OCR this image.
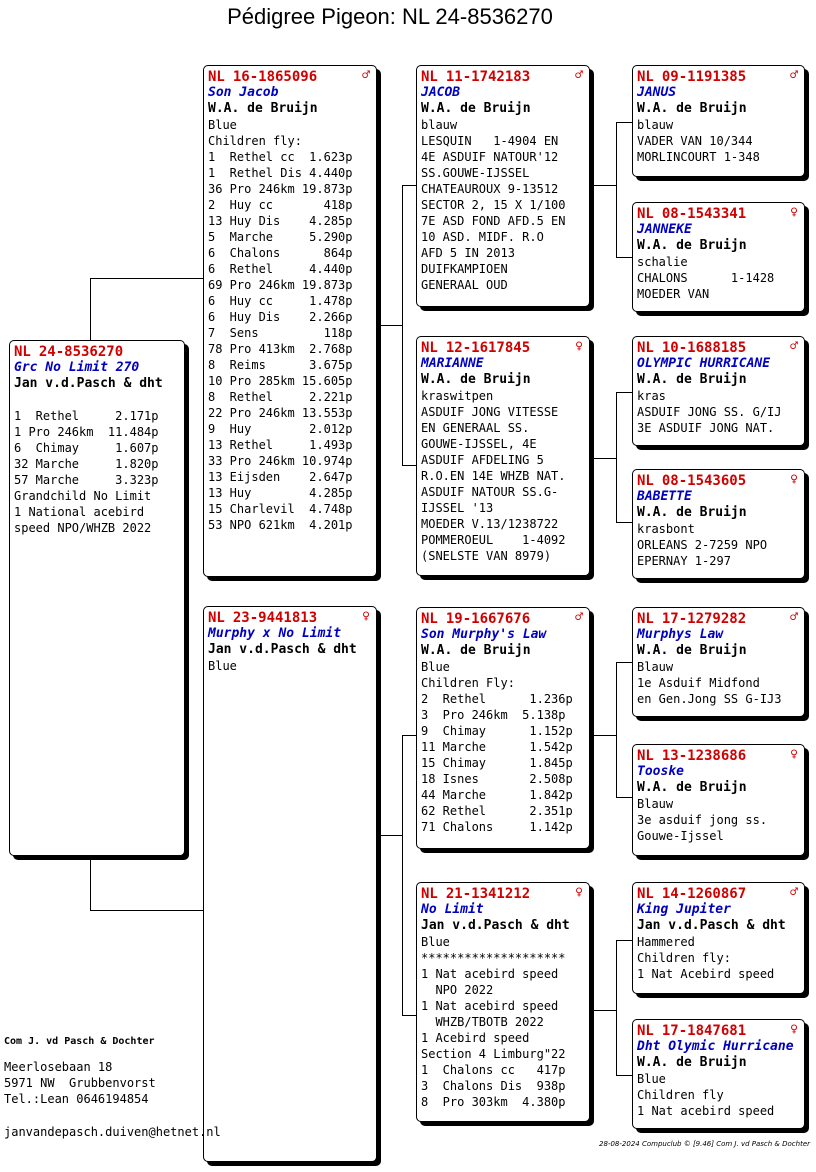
Pédigree Pigeon: NL 24-8536270
NL 24-8536270
Grc No Limit 270
Jan v.d.Pasch & dht

1  Rethel     2.171p
1 Pro 246km  11.484p
6  Chimay     1.607p
32 Marche     1.820p
57 Marche     3.323p
Grandchild No Limit
1 National acebird
speed NPO/WHZB 2022
NL 16-1865096	♂
Son Jacob
W.A. de Bruijn
Blue
Children fly:
1  Rethel cc  1.623p
1  Rethel Dis 4.440p
36 Pro 246km 19.873p
2  Huy cc       418p
13 Huy Dis    4.285p
5  Marche     5.290p
6  Chalons      864p
6  Rethel     4.440p
69 Pro 246km 19.873p
6  Huy cc     1.478p
6  Huy Dis    2.266p
7  Sens         118p
78 Pro 413km  2.768p
8  Reims      3.675p
10 Pro 285km 15.605p
8  Rethel     2.221p
22 Pro 246km 13.553p
9  Huy        2.012p
13 Rethel     1.493p
33 Pro 246km 10.974p
13 Eijsden    2.647p
13 Huy        4.285p
15 Charlevil  4.748p
53 NPO 621km  4.201p
NL 23-9441813	♀
Murphy x No Limit
Jan v.d.Pasch & dht
Blue
NL 11-1742183	♂
JACOB
W.A. de Bruijn
blauw
LESQUIN   1-4904 EN
4E ASDUIF NATOUR'12
SS.GOUWE-IJSSEL
CHATEAUROUX 9-13512
SECTOR 2, 15 X 1/100
7E ASD FOND AFD.5 EN
10 ASD. MIDF. R.O
AFD 5 IN 2013
DUIFKAMPIOEN
GENERAAL OUD
NL 12-1617845	♀
MARIANNE
W.A. de Bruijn
kraswitpen
ASDUIF JONG VITESSE
EN GENERAAL SS.
GOUWE-IJSSEL, 4E
ASDUIF AFDELING 5
R.O.EN 14E WHZB NAT.
ASDUIF NATOUR SS.G-
IJSSEL '13
MOEDER V.13/1238722
POMMEROEUL    1-4092
(SNELSTE VAN 8979)
NL 19-1667676	♂
Son Murphy's Law
W.A. de Bruijn
Blue
Children Fly:
2  Rethel      1.236p
3  Pro 246km  5.138p
9  Chimay      1.152p
11 Marche      1.542p
15 Chimay      1.845p
18 Isnes       2.508p
44 Marche      1.842p
62 Rethel      2.351p
71 Chalons     1.142p
NL 21-1341212	♀
No Limit
Jan v.d.Pasch & dht
Blue
********************
1 Nat acebird speed
NPO 2022
1 Nat acebird speed
WHZB/TBOTB 2022
1 Acebird speed
Section 4 Limburg"22
1  Chalons cc   417p
3  Chalons Dis  938p
8  Pro 303km  4.380p
NL 09-1191385	♂
JANUS
W.A. de Bruijn
blauw
VADER VAN 10/344
MORLINCOURT 1-348
NL 08-1543341	♀
JANNEKE
W.A. de Bruijn
schalie
CHALONS      1-1428
MOEDER VAN
NL 10-1688185	♂
OLYMPIC HURRICANE
W.A. de Bruijn
kras
ASDUIF JONG SS. G/IJ
3E ASDUIF JONG NAT.
NL 08-1543605	♀
BABETTE
W.A. de Bruijn
krasbont
ORLEANS 2-7259 NPO
EPERNAY 1-297
NL 17-1279282	♂
Murphys Law
W.A. de Bruijn
Blauw
1e Asduif Midfond
en Gen.Jong SS G-IJ3
NL 13-1238686	♀
Tooske
W.A. de Bruijn
Blauw
3e asduif jong ss.
Gouwe-Ijssel
NL 14-1260867	♂
King Jupiter
Jan v.d.Pasch & dht
Hammered
Children fly:
1 Nat Acebird speed
NL 17-1847681	♀
Dht Olymic Hurricane
W.A. de Bruijn
Blue
Children fly
1 Nat acebird speed
Com J. vd Pasch & Dochter
Meerlosebaan 18
5971 NW  Grubbenvorst
Tel.:Lean 0646194854
janvandepasch.duiven@hetnet.nl
28-08-2024 Compuclub © [9.46] Com J. vd Pasch & Dochter
